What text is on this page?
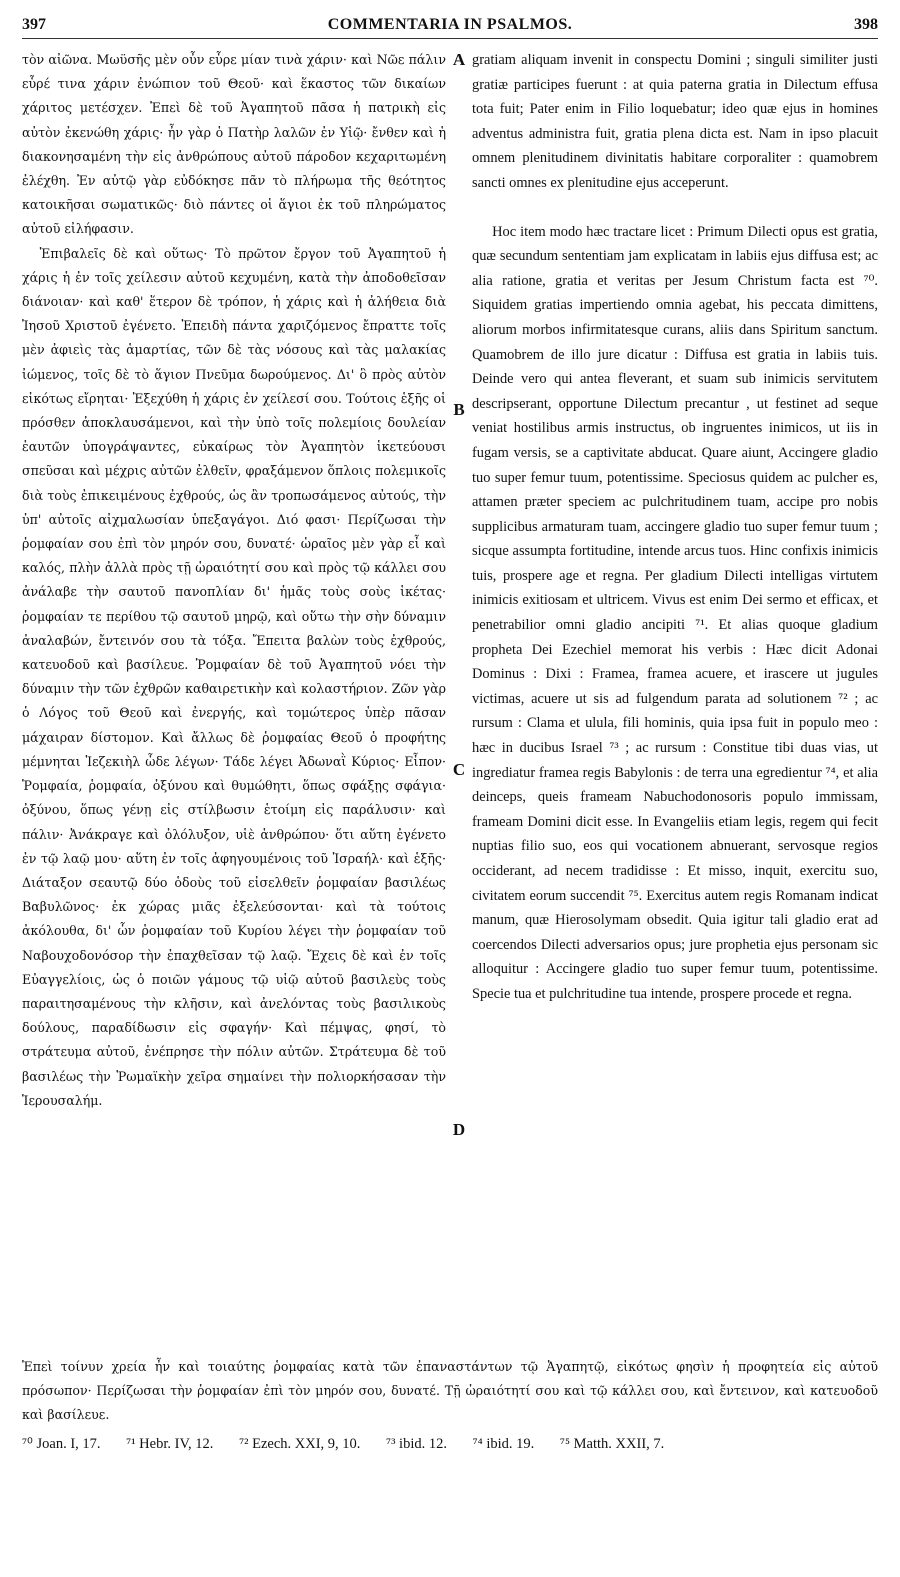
397	COMMENTARIA IN PSALMOS.	398

τὸν αἰῶνα. Μωϋσῆς μὲν οὖν εὗρε μίαν τινὰ χάριν· καὶ Νῶε πάλιν εὗρέ τινα χάριν ἐνώπιον τοῦ Θεοῦ· καὶ ἕκαστος τῶν δικαίων χάριτος μετέσχεν. Ἐπεὶ δὲ τοῦ Ἀγαπητοῦ πᾶσα ἡ πατρικὴ εἰς αὐτὸν ἐκενώθη χάρις· ἦν γὰρ ὁ Πατὴρ λαλῶν ἐν Υἱῷ· ἔνθεν καὶ ἡ διακονησαμένη τὴν εἰς ἀνθρώπους αὐτοῦ πάροδον κεχαριτωμένη ἐλέχθη. Ἐν αὐτῷ γὰρ εὐδόκησε πᾶν τὸ πλήρωμα τῆς θεότητος κατοικῆσαι σωματικῶς· διὸ πάντες οἱ ἅγιοι ἐκ τοῦ πληρώματος αὐτοῦ εἰλήφασιν.

Ἐπιβαλεῖς δὲ καὶ οὕτως· Τὸ πρῶτον ἔργον τοῦ Ἀγαπητοῦ ἡ χάρις ἡ ἐν τοῖς χείλεσιν αὐτοῦ κεχυμένη, κατὰ τὴν ἀποδοθεῖσαν διάνοιαν· καὶ καθ' ἕτερον δὲ τρόπον, ἡ χάρις καὶ ἡ ἀλήθεια διὰ Ἰησοῦ Χριστοῦ ἐγένετο. Ἐπειδὴ πάντα χαριζόμενος ἔπραττε τοῖς μὲν ἀφιεὶς τὰς ἁμαρτίας, τῶν δὲ τὰς νόσους καὶ τὰς μαλακίας ἰώμενος, τοῖς δὲ τὸ ἅγιον Πνεῦμα δωρούμενος. Δι' ὃ πρὸς αὐτὸν εἰκότως εἴρηται· Ἐξεχύθη ἡ χάρις ἐν χείλεσί σου. Τούτοις ἑξῆς οἱ πρόσθεν ἀποκλαυσάμενοι, καὶ τὴν ὑπὸ τοῖς πολεμίοις δουλείαν ἑαυτῶν ὑπογράψαντες, εὐκαίρως τὸν Ἀγαπητὸν ἱκετεύουσι σπεῦσαι καὶ μέχρις αὐτῶν ἐλθεῖν, φραξάμενον ὅπλοις πολεμικοῖς διὰ τοὺς ἐπικειμένους ἐχθρούς, ὡς ἂν τροπωσάμενος αὐτούς, τὴν ὑπ' αὐτοῖς αἰχμαλωσίαν ὑπεξαγάγοι. Διό φασι· Περίζωσαι τὴν ῥομφαίαν σου ἐπὶ τὸν μηρόν σου, δυνατέ· ὡραῖος μὲν γὰρ εἶ καὶ καλός, πλὴν ἀλλὰ πρὸς τῇ ὡραιότητί σου καὶ πρὸς τῷ κάλλει σου ἀνάλαβε τὴν σαυτοῦ πανοπλίαν δι' ἡμᾶς τοὺς σοὺς ἱκέτας· ῥομφαίαν τε περίθου τῷ σαυτοῦ μηρῷ, καὶ οὕτω τὴν σὴν δύναμιν ἀναλαβών, ἔντεινόν σου τὰ τόξα. Ἔπειτα βαλὼν τοὺς ἐχθρούς, κατευοδοῦ καὶ βασίλευε. Ῥομφαίαν δὲ τοῦ Ἀγαπητοῦ νόει τὴν δύναμιν τὴν τῶν ἐχθρῶν καθαιρετικὴν καὶ κολαστήριον. Ζῶν γὰρ ὁ Λόγος τοῦ Θεοῦ καὶ ἐνεργής, καὶ τομώτερος ὑπὲρ πᾶσαν μάχαιραν δίστομον. Καὶ ἄλλως δὲ ῥομφαίας Θεοῦ ὁ προφήτης μέμνηται Ἰεζεκιὴλ ὧδε λέγων· Τάδε λέγει Ἀδωναῒ Κύριος· Εἶπον· Ῥομφαία, ῥομφαία, ὀξύνου καὶ θυμώθητι, ὅπως σφάξῃς σφάγια· ὀξύνου, ὅπως γένῃ εἰς στίλβωσιν ἑτοίμη εἰς παράλυσιν· καὶ πάλιν· Ἀνάκραγε καὶ ὀλόλυξον, υἱὲ ἀνθρώπου· ὅτι αὕτη ἐγένετο ἐν τῷ λαῷ μου· αὕτη ἐν τοῖς ἀφηγουμένοις τοῦ Ἰσραήλ· καὶ ἑξῆς· Διάταξον σεαυτῷ δύο ὁδοὺς τοῦ εἰσελθεῖν ῥομφαίαν βασιλέως Βαβυλῶνος· ἐκ χώρας μιᾶς ἐξελεύσονται· καὶ τὰ τούτοις ἀκόλουθα, δι' ὧν ῥομφαίαν τοῦ Κυρίου λέγει τὴν ῥομφαίαν τοῦ Ναβουχοδονόσορ τὴν ἐπαχθεῖσαν τῷ λαῷ. Ἔχεις δὲ καὶ ἐν τοῖς Εὐαγγελίοις, ὡς ὁ ποιῶν γάμους τῷ υἱῷ αὐτοῦ βασιλεὺς τοὺς παραιτησαμένους τὴν κλῆσιν, καὶ ἀνελόντας τοὺς βασιλικοὺς δούλους, παραδίδωσιν εἰς σφαγήν· Καὶ πέμψας, φησί, τὸ στράτευμα αὐτοῦ, ἐνέπρησε τὴν πόλιν αὐτῶν. Στράτευμα δὲ τοῦ βασιλέως τὴν Ῥωμαϊκὴν χεῖρα σημαίνει τὴν πολιορκήσασαν τὴν Ἱερουσαλήμ.

A
B
C
D

gratiam aliquam invenit in conspectu Domini ; singuli similiter justi gratiæ participes fuerunt : at quia paterna gratia in Dilectum effusa tota fuit; Pater enim in Filio loquebatur; ideo quæ ejus in homines adventus administra fuit, gratia plena dicta est. Nam in ipso placuit omnem plenitudinem divinitatis habitare corporaliter : quamobrem sancti omnes ex plenitudine ejus acceperunt.

Hoc item modo hæc tractare licet : Primum Dilecti opus est gratia, quæ secundum sententiam jam explicatam in labiis ejus diffusa est; ac alia ratione, gratia et veritas per Jesum Christum facta est ⁷⁰. Siquidem gratias impertiendo omnia agebat, his peccata dimittens, aliorum morbos infirmitatesque curans, aliis dans Spiritum sanctum. Quamobrem de illo jure dicatur : Diffusa est gratia in labiis tuis. Deinde vero qui antea fleverant, et suam sub inimicis servitutem descripserant, opportune Dilectum precantur , ut festinet ad seque veniat hostilibus armis instructus, ob ingruentes inimicos, ut iis in fugam versis, se a captivitate abducat. Quare aiunt, Accingere gladio tuo super femur tuum, potentissime. Speciosus quidem ac pulcher es, attamen præter speciem ac pulchritudinem tuam, accipe pro nobis supplicibus armaturam tuam, accingere gladio tuo super femur tuum ; sicque assumpta fortitudine, intende arcus tuos. Hinc confixis inimicis tuis, prospere age et regna. Per gladium Dilecti intelligas virtutem inimicis exitiosam et ultricem. Vivus est enim Dei sermo et efficax, et penetrabilior omni gladio ancipiti ⁷¹. Et alias quoque gladium propheta Dei Ezechiel memorat his verbis : Hæc dicit Adonai Dominus : Dixi : Framea, framea acuere, et irascere ut jugules victimas, acuere ut sis ad fulgendum parata ad solutionem ⁷² ; ac rursum : Clama et ulula, fili hominis, quia ipsa fuit in populo meo : hæc in ducibus Israel ⁷³ ; ac rursum : Constitue tibi duas vias, ut ingrediatur framea regis Babylonis : de terra una egredientur ⁷⁴, et alia deinceps, queis frameam Nabuchodonosoris populo immissam, frameam Domini dicit esse. In Evangeliis etiam legis, regem qui fecit nuptias filio suo, eos qui vocationem abnuerant, servosque regios occiderant, ad necem tradidisse : Et misso, inquit, exercitu suo, civitatem eorum succendit ⁷⁵. Exercitus autem regis Romanam indicat manum, quæ Hierosolymam obsedit. Quia igitur tali gladio erat ad coercendos Dilecti adversarios opus; jure prophetia ejus personam sic alloquitur : Accingere gladio tuo super femur tuum, potentissime. Specie tua et pulchritudine tua intende, prospere procede et regna.

Ἐπεὶ τοίνυν χρεία ἦν καὶ τοιαύτης ῥομφαίας κατὰ τῶν ἐπαναστάντων τῷ Ἀγαπητῷ, εἰκότως φησὶν ἡ προφητεία εἰς αὐτοῦ πρόσωπον· Περίζωσαι τὴν ῥομφαίαν ἐπὶ τὸν μηρόν σου, δυνατέ. Τῇ ὡραιότητί σου καὶ τῷ κάλλει σου, καὶ ἔντεινον, καὶ κατευοδοῦ καὶ βασίλευε.

⁷⁰ Joan. I, 17. ⁷¹ Hebr. IV, 12. ⁷² Ezech. XXI, 9, 10. ⁷³ ibid. 12. ⁷⁴ ibid. 19. ⁷⁵ Matth. XXII, 7.
